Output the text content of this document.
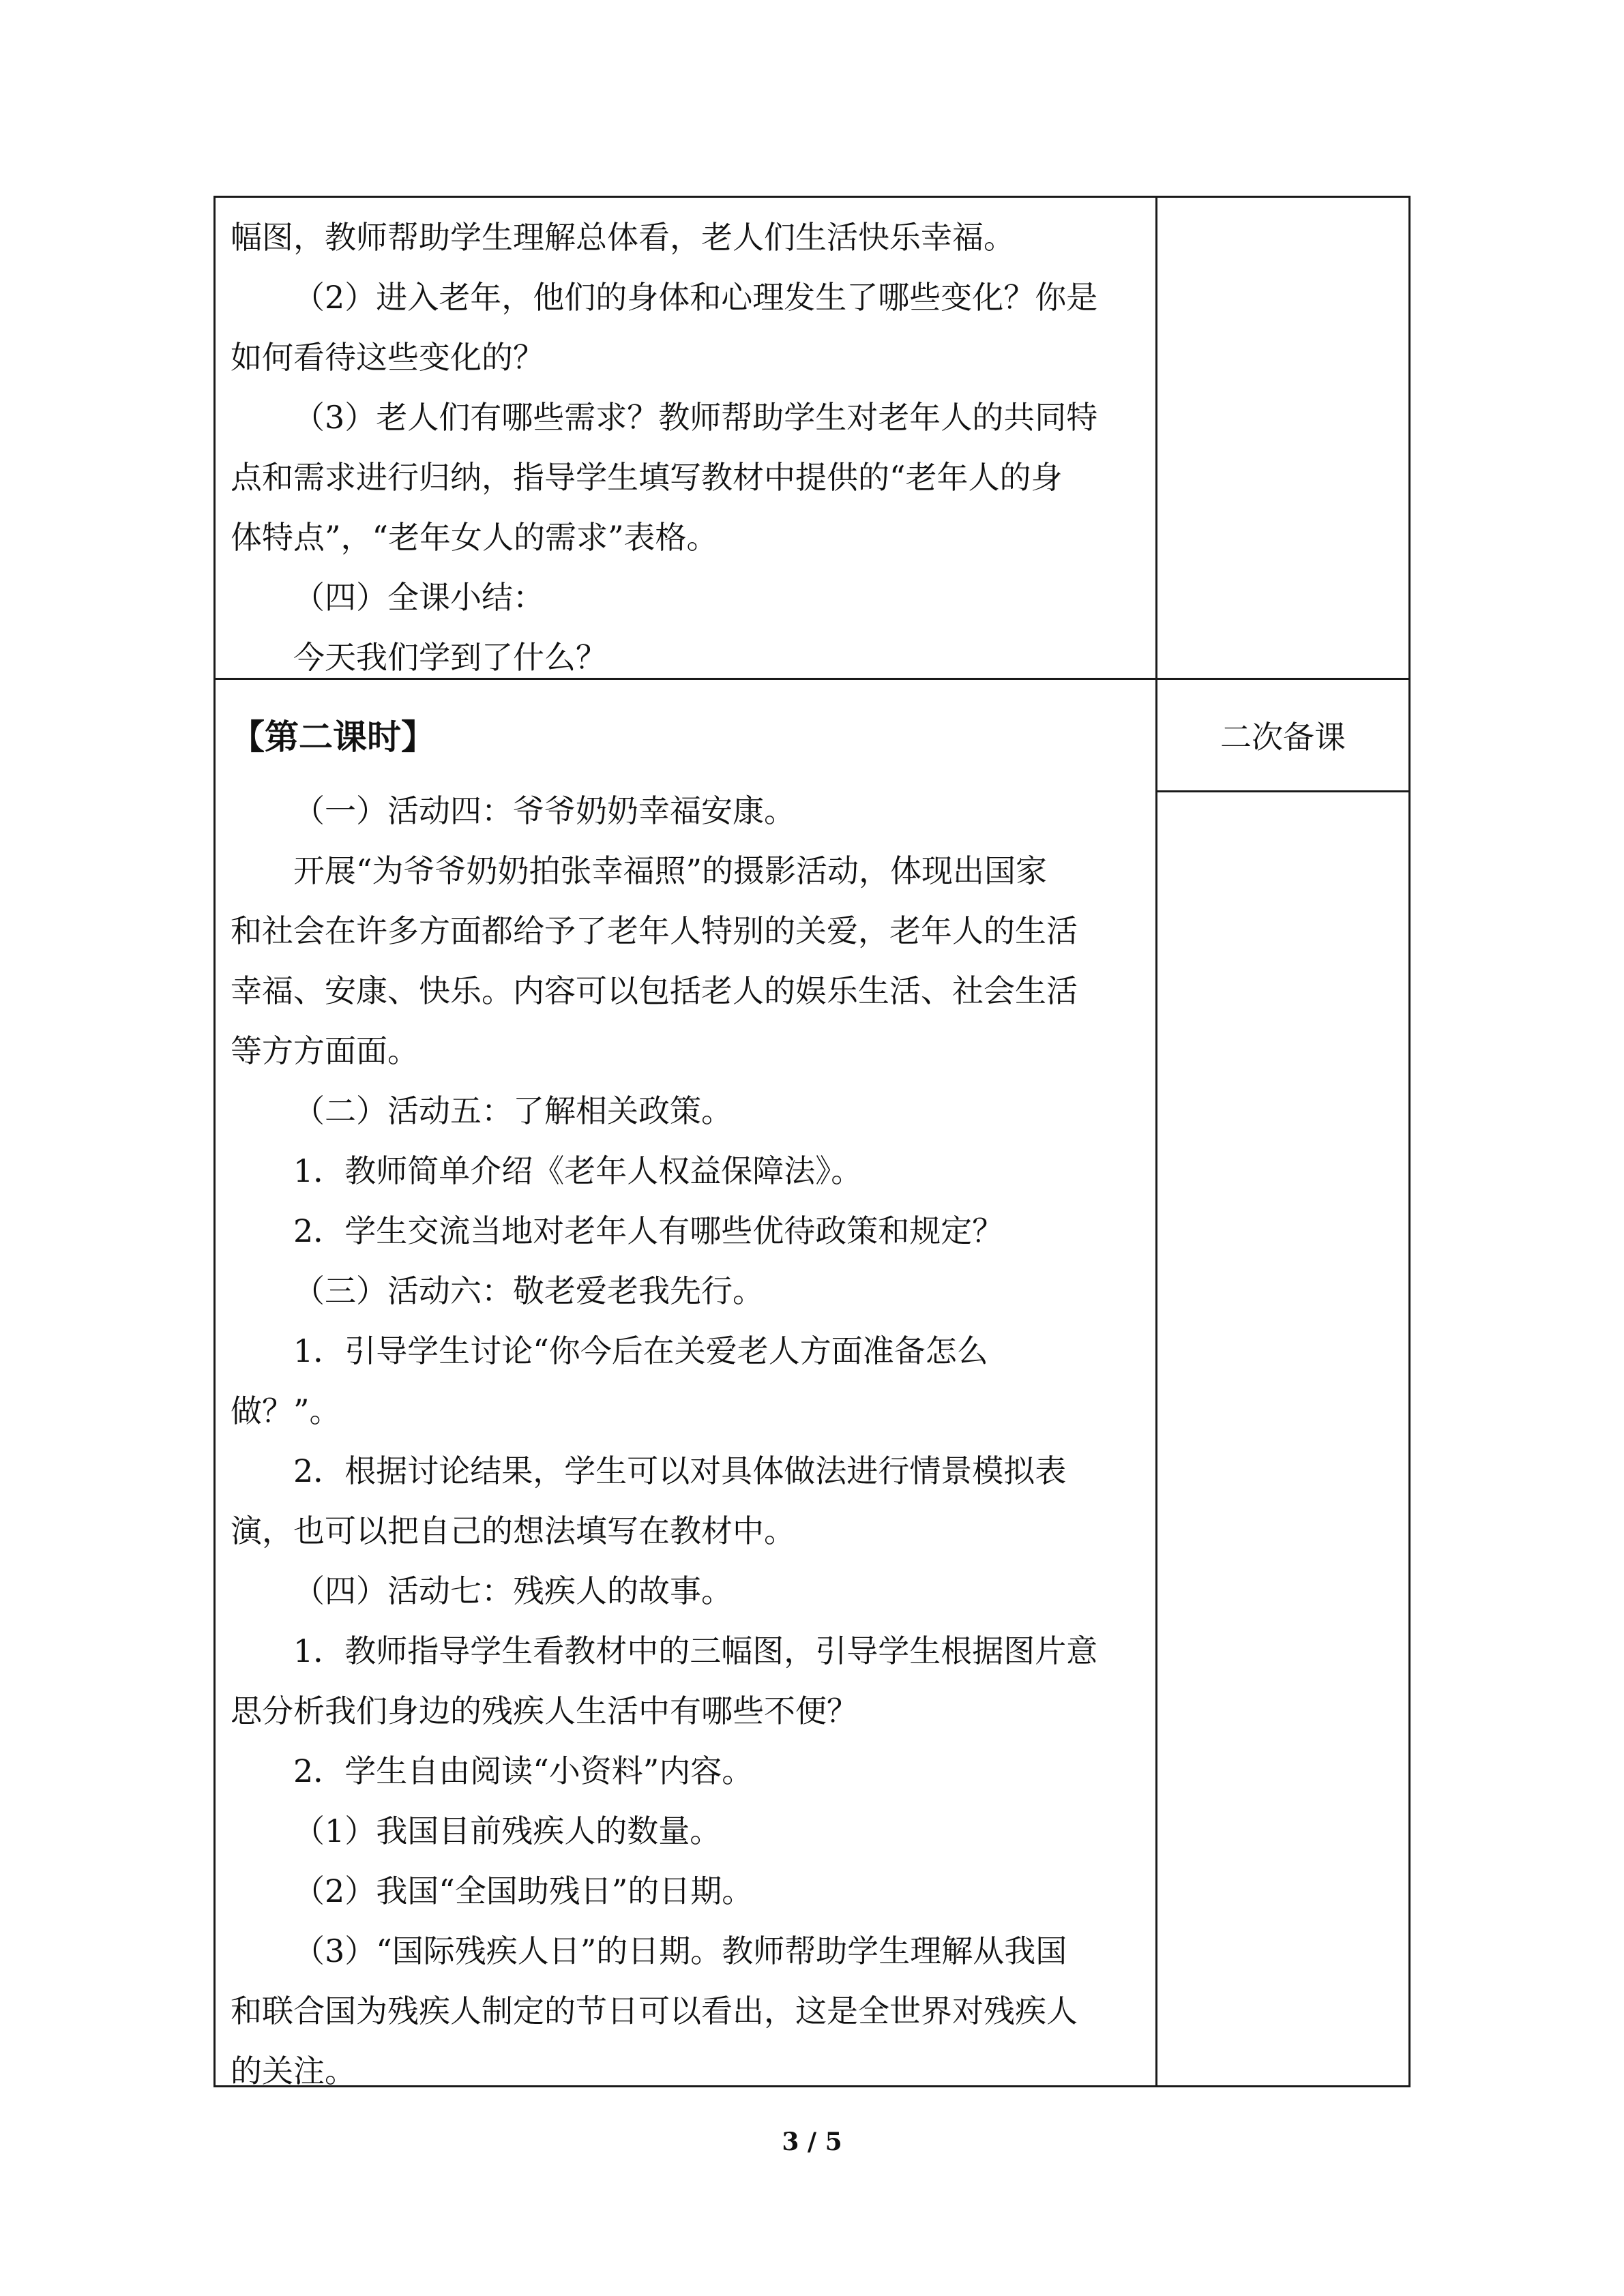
幅图，教师帮助学生理解总体看，老人们生活快乐幸福。
（2）进入老年，他们的身体和心理发生了哪些变化？你是
如何看待这些变化的？
（3）老人们有哪些需求？教师帮助学生对老年人的共同特
点和需求进行归纳，指导学生填写教材中提供的“老年人的身
体特点”，“老年女人的需求”表格。
（四）全课小结：
今天我们学到了什么？
【第二课时】
（一）活动四：爷爷奶奶幸福安康。
开展“为爷爷奶奶拍张幸福照”的摄影活动，体现出国家
和社会在许多方面都给予了老年人特别的关爱，老年人的生活
幸福、安康、快乐。内容可以包括老人的娱乐生活、社会生活
等方方面面。
（二）活动五：了解相关政策。
1．教师简单介绍《老年人权益保障法》。
2．学生交流当地对老年人有哪些优待政策和规定？
（三）活动六：敬老爱老我先行。
1．引导学生讨论“你今后在关爱老人方面准备怎么
做？”。
2．根据讨论结果，学生可以对具体做法进行情景模拟表
演，也可以把自己的想法填写在教材中。
（四）活动七：残疾人的故事。
1．教师指导学生看教材中的三幅图，引导学生根据图片意
思分析我们身边的残疾人生活中有哪些不便？
2．学生自由阅读“小资料”内容。
（1）我国目前残疾人的数量。
（2）我国“全国助残日”的日期。
（3）“国际残疾人日”的日期。教师帮助学生理解从我国
和联合国为残疾人制定的节日可以看出，这是全世界对残疾人
的关注。
二次备课
3 / 5
